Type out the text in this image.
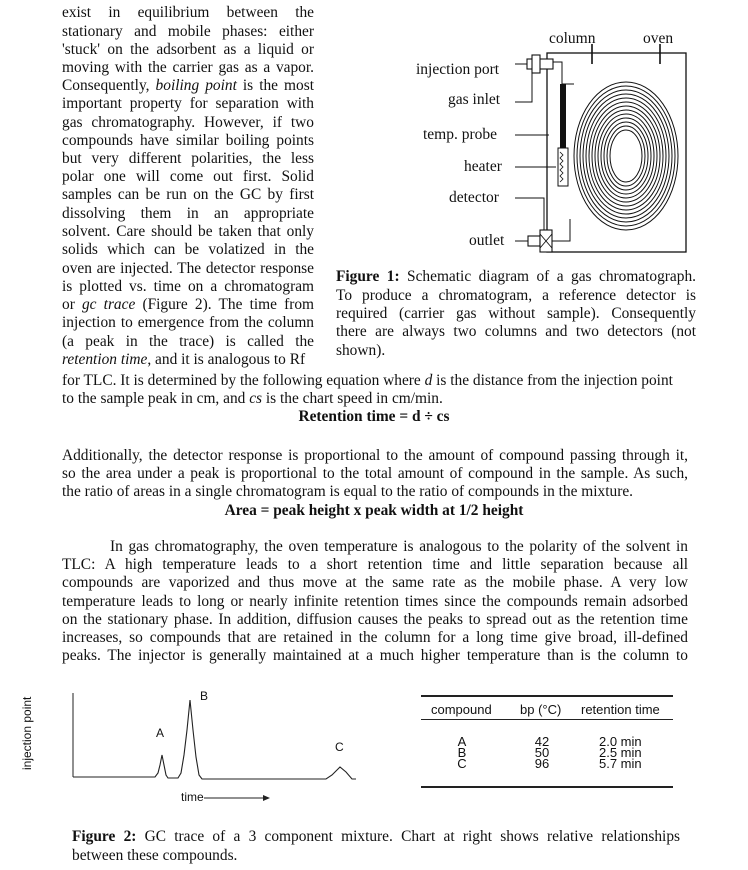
exist in equilibrium between the
stationary and mobile phases: either
'stuck' on the adsorbent as a liquid or
moving with the carrier gas as a vapor.
Consequently, boiling point is the most
important property for separation with
gas chromatography. However, if two
compounds have similar boiling points
but very different polarities, the less
polar one will come out first. Solid
samples can be run on the GC by first
dissolving them in an appropriate
solvent. Care should be taken that only
solids which can be volatized in the
oven are injected. The detector response
is plotted vs. time on a chromatogram
or gc trace (Figure 2). The time from
injection to emergence from the column
(a peak in the trace) is called the
retention time, and it is analogous to Rf
column	oven
injection port
gas inlet
temp. probe
heater
detector
outlet
Figure 1: Schematic diagram of a gas chromatograph.
To produce a chromatogram, a reference detector is
required (carrier gas without sample). Consequently
there are always two columns and two detectors (not
shown).
for TLC. It is determined by the following equation where d is the distance from the injection point
to the sample peak in cm, and cs is the chart speed in cm/min.
Retention time = d ÷ cs
Additionally, the detector response is proportional to the amount of compound passing through it,
so the area under a peak is proportional to the total amount of compound in the sample. As such,
the ratio of areas in a single chromatogram is equal to the ratio of compounds in the mixture.
Area = peak height x peak width at 1/2 height
In gas chromatography, the oven temperature is analogous to the polarity of the solvent in
TLC: A high temperature leads to a short retention time and little separation because all
compounds are vaporized and thus move at the same rate as the mobile phase. A very low
temperature leads to long or nearly infinite retention times since the compounds remain adsorbed
on the stationary phase. In addition, diffusion causes the peaks to spread out as the retention time
increases, so compounds that are retained in the column for a long time give broad, ill-defined
peaks. The injector is generally maintained at a much higher temperature than is the column to
A
B
C
time
injection point	compound bp (°C) retention time
A
B
C
42
50
96
2.0 min
2.5 min
5.7 min
Figure 2: GC trace of a 3 component mixture. Chart at right shows relative relationships
between these compounds.
